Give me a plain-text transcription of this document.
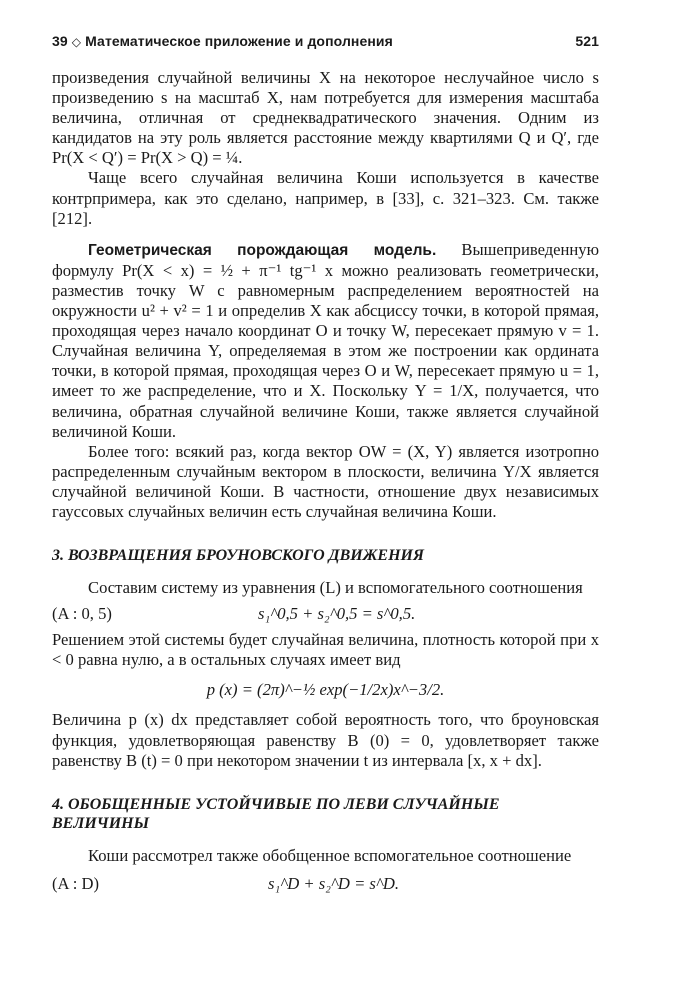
39 ◇ Математическое приложение и дополнения	521

произведения случайной величины X на некоторое неслучайное число s произведению s на масштаб X, нам потребуется для измерения масштаба величина, отличная от среднеквадратического значения. Одним из кандидатов на эту роль является расстояние между квартилями Q и Q′, где Pr(X < Q′) = Pr(X > Q) = ¼.

Чаще всего случайная величина Коши используется в качестве контрпримера, как это сделано, например, в [33], с. 321–323. См. также [212].

Геометрическая порождающая модель. Вышеприведенную формулу Pr(X < x) = ½ + π⁻¹ tg⁻¹ x можно реализовать геометрически, разместив точку W с равномерным распределением вероятностей на окружности u² + v² = 1 и определив X как абсциссу точки, в которой прямая, проходящая через начало координат O и точку W, пересекает прямую v = 1. Случайная величина Y, определяемая в этом же построении как ордината точки, в которой прямая, проходящая через O и W, пересекает прямую u = 1, имеет то же распределение, что и X. Поскольку Y = 1/X, получается, что величина, обратная случайной величине Коши, также является случайной величиной Коши.

Более того: всякий раз, когда вектор OW = (X, Y) является изотропно распределенным случайным вектором в плоскости, величина Y/X является случайной величиной Коши. В частности, отношение двух независимых гауссовых случайных величин есть случайная величина Коши.

3. ВОЗВРАЩЕНИЯ БРОУНОВСКОГО ДВИЖЕНИЯ

Составим систему из уравнения (L) и вспомогательного соотношения

(A : 0, 5)	s₁^0,5 + s₂^0,5 = s^0,5.

Решением этой системы будет случайная величина, плотность которой при x < 0 равна нулю, а в остальных случаях имеет вид

p (x) = (2π)^−½ exp(−1/2x)x^−3/2.

Величина p (x) dx представляет собой вероятность того, что броуновская функция, удовлетворяющая равенству B (0) = 0, удовлетворяет также равенству B (t) = 0 при некотором значении t из интервала [x, x + dx].

4. ОБОБЩЕННЫЕ УСТОЙЧИВЫЕ ПО ЛЕВИ СЛУЧАЙНЫЕ ВЕЛИЧИНЫ

Коши рассмотрел также обобщенное вспомогательное соотношение

(A : D)	s₁^D + s₂^D = s^D.
